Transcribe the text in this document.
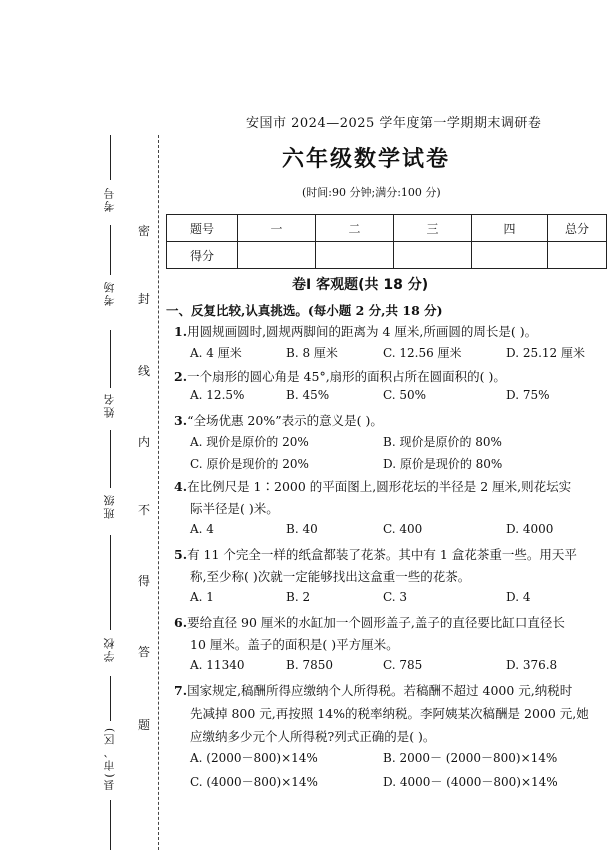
考号
考场
姓名
班级
学校
县(市、区)
密
封
线
内
不
得
答
题
安国市 2024—2025 学年度第一学期期末调研卷
六年级数学试卷
(时间:90 分钟;满分:100 分)
题号	一	二	三	四	总分
得分					
卷Ⅰ 客观题(共 18 分)
一、反复比较,认真挑选。(每小题 2 分,共 18 分)
1.用圆规画圆时,圆规两脚间的距离为 4 厘米,所画圆的周长是( )。
A. 4 厘米	B. 8 厘米	C. 12.56 厘米	D. 25.12 厘米
2.一个扇形的圆心角是 45°,扇形的面积占所在圆面积的( )。
A. 12.5%	B. 45%	C. 50%	D. 75%
3.“全场优惠 20%”表示的意义是( )。
A. 现价是原价的 20%	B. 现价是原价的 80%
C. 原价是现价的 20%	D. 原价是现价的 80%
4.在比例尺是 1∶2000 的平面图上,圆形花坛的半径是 2 厘米,则花坛实
际半径是( )米。
A. 4	B. 40	C. 400	D. 4000
5.有 11 个完全一样的纸盒都装了花茶。其中有 1 盒花茶重一些。用天平
称,至少称( )次就一定能够找出这盒重一些的花茶。
A. 1	B. 2	C. 3	D. 4
6.要给直径 90 厘米的水缸加一个圆形盖子,盖子的直径要比缸口直径长
10 厘米。盖子的面积是( )平方厘米。
A. 11340	B. 7850	C. 785	D. 376.8
7.国家规定,稿酬所得应缴纳个人所得税。若稿酬不超过 4000 元,纳税时
先减掉 800 元,再按照 14%的税率纳税。李阿姨某次稿酬是 2000 元,她
应缴纳多少元个人所得税?列式正确的是( )。
A. (2000－800)×14%	B. 2000－ (2000－800)×14%
C. (4000－800)×14%	D. 4000－ (4000－800)×14%
